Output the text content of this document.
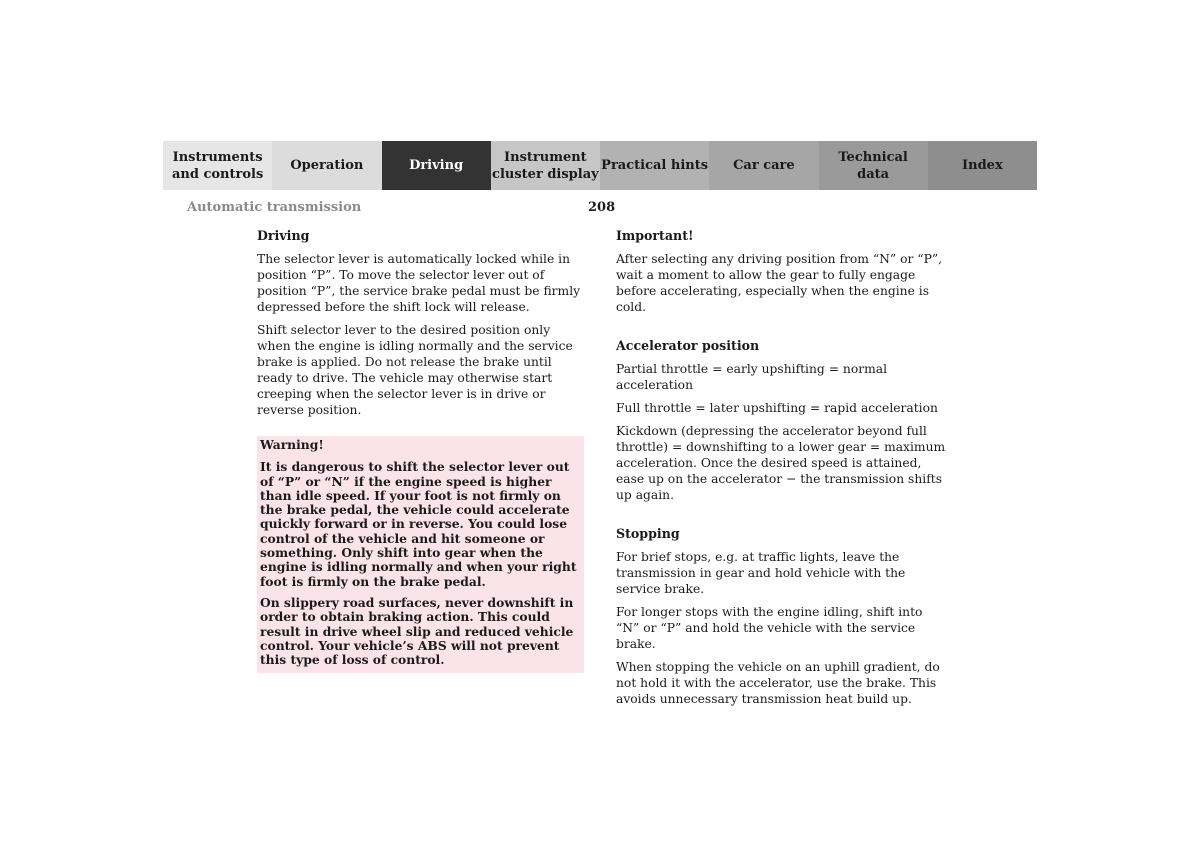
Instruments
and controls
Operation	Driving
Instrument
cluster display
Practical hints	Car care
Technical
data
Index
Automatic transmission	208
Driving

The selector lever is automatically locked while in position “P”. To move the selector lever out of position “P”, the service brake pedal must be firmly depressed before the shift lock will release.

Shift selector lever to the desired position only when the engine is idling normally and the service brake is applied. Do not release the brake until ready to drive. The vehicle may otherwise start creeping when the selector lever is in drive or reverse position.

Warning!

It is dangerous to shift the selector lever out of “P” or “N” if the engine speed is higher than idle speed. If your foot is not firmly on the brake pedal, the vehicle could accelerate quickly forward or in reverse. You could lose control of the vehicle and hit someone or something. Only shift into gear when the engine is idling normally and when your right foot is firmly on the brake pedal.

On slippery road surfaces, never downshift in order to obtain braking action. This could result in drive wheel slip and reduced vehicle control. Your vehicle’s ABS will not prevent this type of loss of control.

Important!

After selecting any driving position from “N” or “P”, wait a moment to allow the gear to fully engage before accelerating, especially when the engine is cold.

Accelerator position

Partial throttle = early upshifting = normal acceleration

Full throttle = later upshifting = rapid acceleration

Kickdown (depressing the accelerator beyond full throttle) = downshifting to a lower gear = maximum acceleration. Once the desired speed is attained, ease up on the accelerator − the transmission shifts up again.

Stopping

For brief stops, e.g. at traffic lights, leave the transmission in gear and hold vehicle with the service brake.

For longer stops with the engine idling, shift into “N” or “P” and hold the vehicle with the service brake.

When stopping the vehicle on an uphill gradient, do not hold it with the accelerator, use the brake. This avoids unnecessary transmission heat build up.
